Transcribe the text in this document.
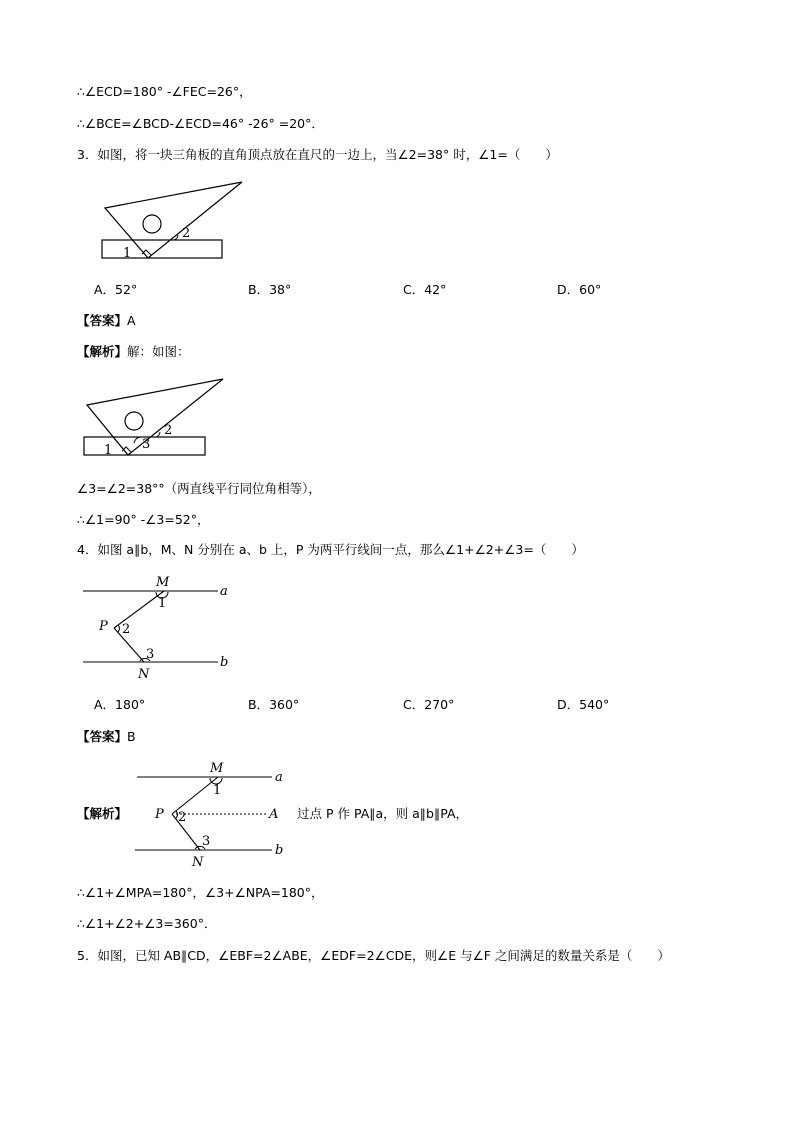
∴∠ECD=180° -∠FEC=26°，
∴∠BCE=∠BCD-∠ECD=46° -26° =20°．
3．如图，将一块三角板的直角顶点放在直尺的一边上，当∠2=38° 时，∠1=（　　）
1
2
A．52°	B．38°	C．42°	D．60°
【答案】A
【解析】解：如图：
1
2
3
∠3=∠2=38°°（两直线平行同位角相等），
∴∠1=90° -∠3=52°，
4．如图 a∥b，M、N 分别在 a、b 上，P 为两平行线间一点，那么∠1+∠2+∠3=（　　）
M
1
a
P 2
3
b
N
A．180°	B．360°	C．270°	D．540°
【答案】B
【解析】
M
1
a
P 2	A
3
b
N
过点 P 作 PA∥a，则 a∥b∥PA，
∴∠1+∠MPA=180°，∠3+∠NPA=180°，
∴∠1+∠2+∠3=360°．
5．如图，已知 AB∥CD，∠EBF=2∠ABE，∠EDF=2∠CDE，则∠E 与∠F 之间满足的数量关系是（　　）
